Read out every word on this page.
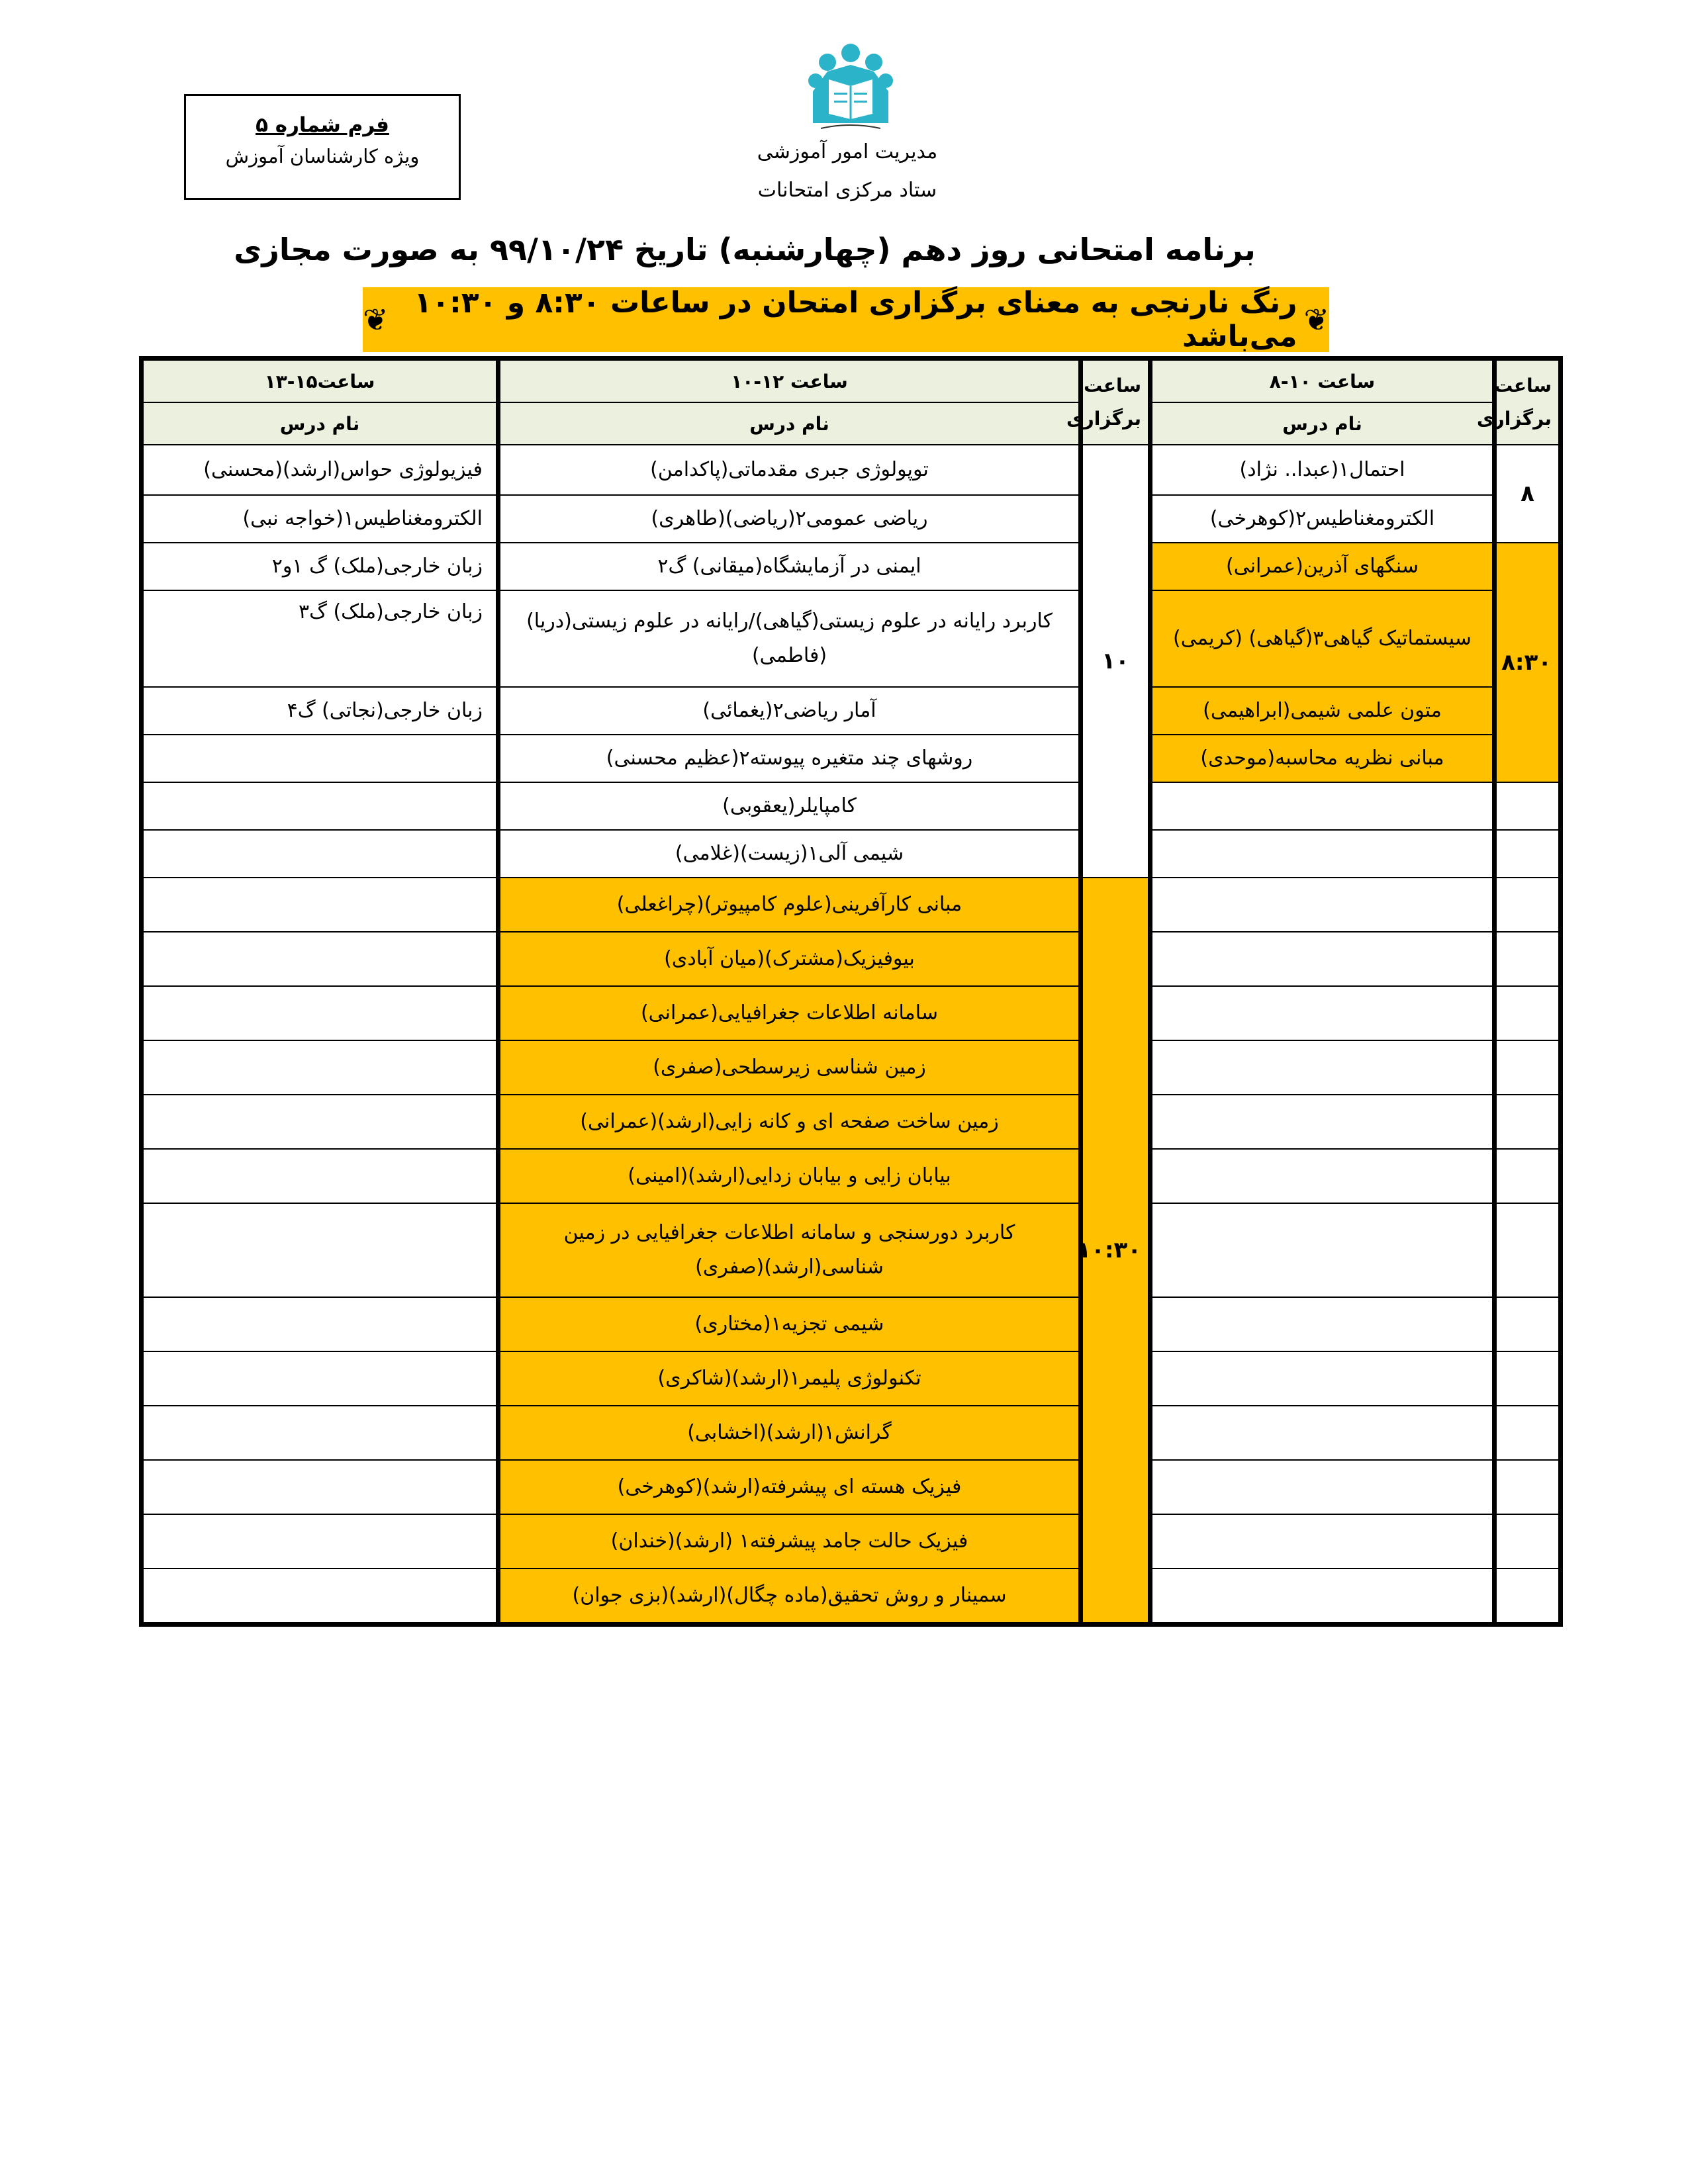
فرم شماره ۵
ویژه کارشناسان آموزش	مدیریت امور آموزشی
ستاد مرکزی امتحانات
برنامه امتحانی روز دهم (چهارشنبه) تاریخ ۹۹/۱۰/۲۴ به صورت مجازی
❦
رنگ نارنجی به معنای برگزاری امتحان در ساعات ۸:۳۰ و ۱۰:۳۰ می‌باشد
❦
ساعت برگزاری	ساعت ۱۰-۸	ساعت برگزاری	ساعت ۱۲-۱۰	ساعت۱۵-۱۳
	نام درس		نام درس	نام درس
۸	احتمال۱(عبدا.. نژاد)	۱۰	توپولوژی جبری مقدماتی(پاکدامن)	فیزیولوژی حواس(ارشد)(محسنی)
	الکترومغناطیس۲(کوهرخی)		ریاضی عمومی۲(ریاضی)(طاهری)	الکترومغناطیس۱(خواجه نبی)
۸:۳۰	سنگهای آذرین(عمرانی)		ایمنی در آزمایشگاه(میقانی) گ۲	زبان خارجی(ملک) گ ۱و۲
	سیستماتیک گیاهی۳(گیاهی) (کریمی)		کاربرد رایانه در علوم زیستی(گیاهی)/رایانه در علوم زیستی(دریا) (فاطمی)	زبان خارجی(ملک) گ۳
	متون علمی شیمی(ابراهیمی)		آمار ریاضی۲(یغمائی)	زبان خارجی(نجاتی) گ۴
	مبانی نظریه محاسبه(موحدی)		روشهای چند متغیره پیوسته۲(عظیم محسنی)	
			کامپایلر(یعقوبی)	
			شیمی آلی۱(زیست)(غلامی)	
		۱۰:۳۰	مبانی کارآفرینی(علوم کامپیوتر)(چراغعلی)	
			بیوفیزیک(مشترک)(میان آبادی)	
			سامانه اطلاعات جغرافیایی(عمرانی)	
			زمین شناسی زیرسطحی(صفری)	
			زمین ساخت صفحه ای و کانه زایی(ارشد)(عمرانی)	
			بیابان زایی و بیابان زدایی(ارشد)(امینی)	
			کاربرد دورسنجی و سامانه اطلاعات جغرافیایی در زمین شناسی(ارشد)(صفری)	
			شیمی تجزیه۱(مختاری)	
			تکنولوژی پلیمر۱(ارشد)(شاکری)	
			گرانش۱(ارشد)(اخشابی)	
			فیزیک هسته ای پیشرفته(ارشد)(کوهرخی)	
			فیزیک حالت جامد پیشرفته۱ (ارشد)(خندان)	
			سمینار و روش تحقیق(ماده چگال)(ارشد)(بزی جوان)	
